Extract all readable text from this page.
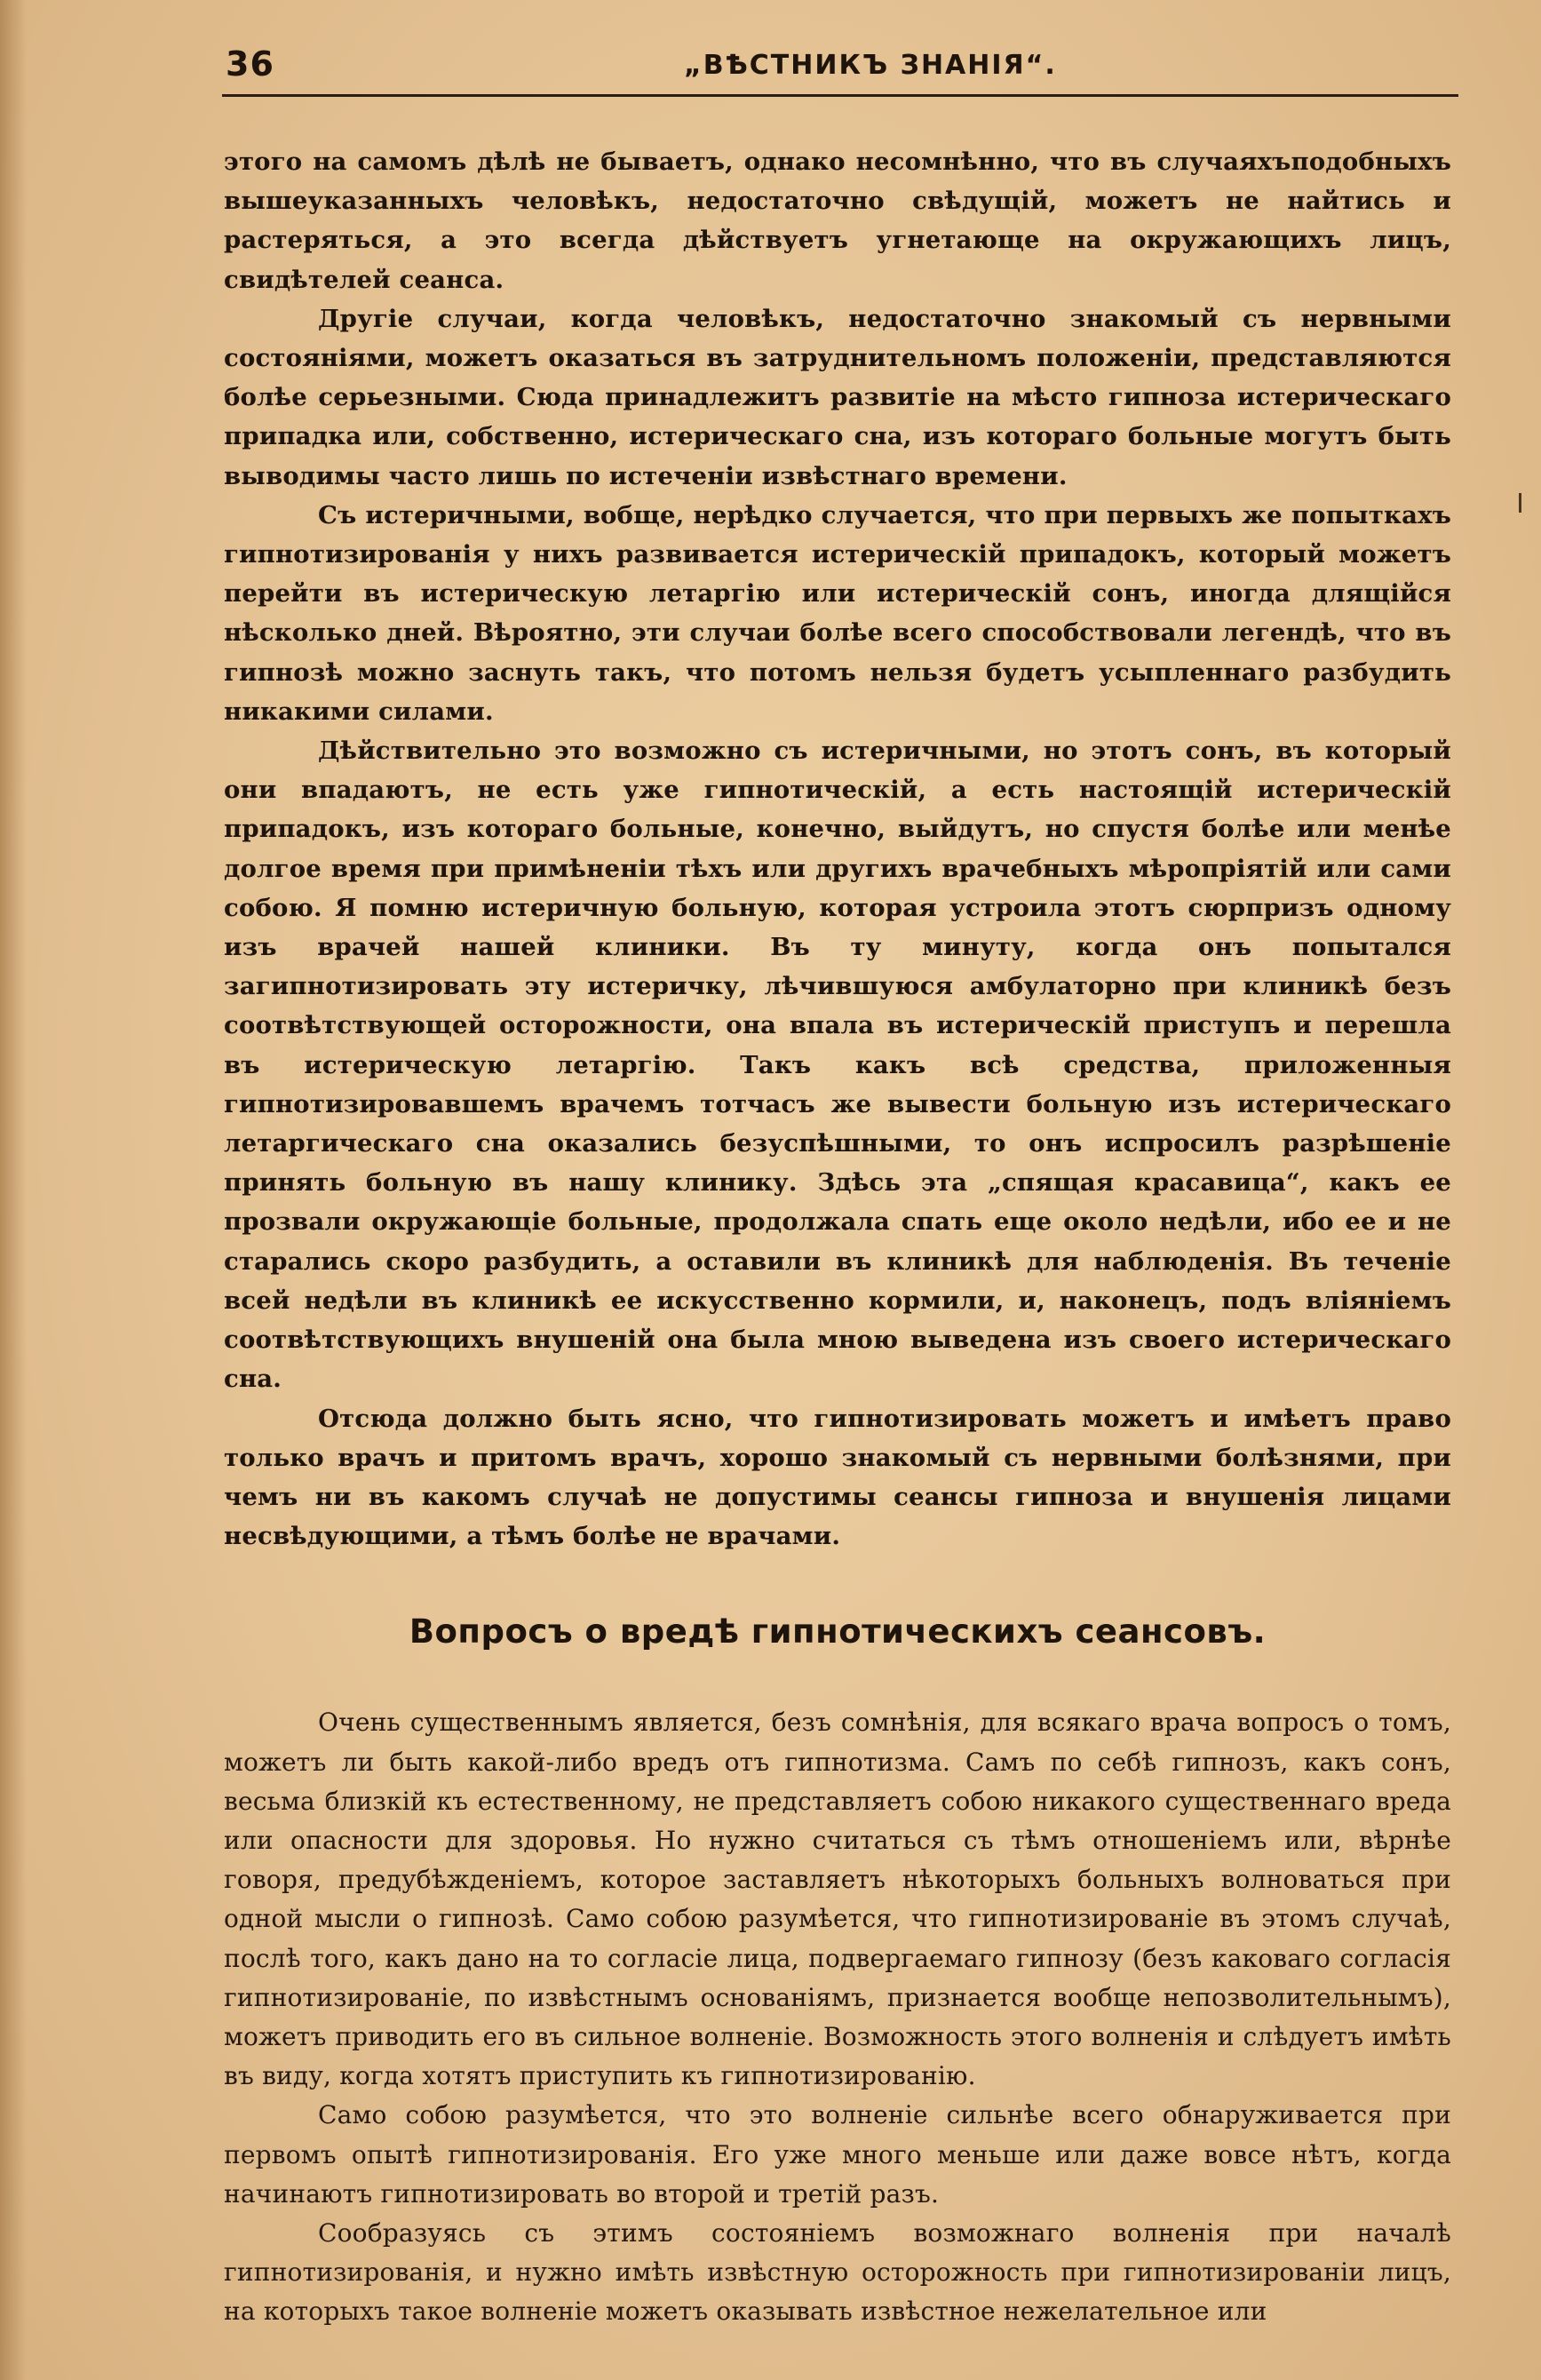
36	„ВѢСТНИКЪ ЗНАНІЯ“.

этого на самомъ дѣлѣ не бываетъ, однако несомнѣнно, что въ случаяхъподобныхъ вышеуказанныхъ человѣкъ, недостаточно свѣдущій, можетъ не найтись и растеряться, а это всегда дѣйствуетъ угнетающе на окружающихъ лицъ, свидѣтелей сеанса.

Другіе случаи, когда человѣкъ, недостаточно знакомый съ нервными состояніями, можетъ оказаться въ затруднительномъ положеніи, представляются болѣе серьезными. Сюда принадлежитъ развитіе на мѣсто гипноза истерическаго припадка или, собственно, истерическаго сна, изъ котораго больные могутъ быть выводимы часто лишь по истеченіи извѣстнаго времени.

Съ истеричными, вобще, нерѣдко случается, что при первыхъ же попыткахъ гипнотизированія у нихъ развивается истерическій припадокъ, который можетъ перейти въ истерическую летаргію или истерическій сонъ, иногда длящійся нѣсколько дней. Вѣроятно, эти случаи болѣе всего способствовали легендѣ, что въ гипнозѣ можно заснуть такъ, что потомъ нельзя будетъ усыпленнаго разбудить никакими силами.

Дѣйствительно это возможно съ истеричными, но этотъ сонъ, въ который они впадаютъ, не есть уже гипнотическій, а есть настоящій истерическій припадокъ, изъ котораго больные, конечно, выйдутъ, но спустя болѣе или менѣе долгое время при примѣненіи тѣхъ или другихъ врачебныхъ мѣропріятій или сами собою. Я помню истеричную больную, которая устроила этотъ сюрпризъ одному изъ врачей нашей клиники. Въ ту минуту, когда онъ попытался загипнотизировать эту истеричку, лѣчившуюся амбулаторно при клиникѣ безъ соотвѣтствующей осторожности, она впала въ истерическій приступъ и перешла въ истерическую летаргію. Такъ какъ всѣ средства, приложенныя гипнотизировавшемъ врачемъ тотчасъ же вывести больную изъ истерическаго летаргическаго сна оказались безуспѣшными, то онъ испросилъ разрѣшеніе принять больную въ нашу клинику. Здѣсь эта „спящая красавица“, какъ ее прозвали окружающіе больные, продолжала спать еще около недѣли, ибо ее и не старались скоро разбудить, а оставили въ клиникѣ для наблюденія. Въ теченіе всей недѣли въ клиникѣ ее искусственно кормили, и, наконецъ, подъ вліяніемъ соотвѣтствующихъ внушеній она была мною выведена изъ своего истерическаго сна.

Отсюда должно быть ясно, что гипнотизировать можетъ и имѣетъ право только врачъ и притомъ врачъ, хорошо знакомый съ нервными болѣзнями, при чемъ ни въ какомъ случаѣ не допустимы сеансы гипноза и внушенія лицами несвѣдующими, а тѣмъ болѣе не врачами.

Вопросъ о вредѣ гипнотическихъ сеансовъ.

Очень существеннымъ является, безъ сомнѣнія, для всякаго врача вопросъ о томъ, можетъ ли быть какой-либо вредъ отъ гипнотизма. Самъ по себѣ гипнозъ, какъ сонъ, весьма близкій къ естественному, не представляетъ собою никакого существеннаго вреда или опасности для здоровья. Но нужно считаться съ тѣмъ отношеніемъ или, вѣрнѣе говоря, предубѣжденіемъ, которое заставляетъ нѣкоторыхъ больныхъ волноваться при одной мысли о гипнозѣ. Само собою разумѣется, что гипнотизированіе въ этомъ случаѣ, послѣ того, какъ дано на то согласіе лица, подвергаемаго гипнозу (безъ каковаго согласія гипнотизированіе, по извѣстнымъ основаніямъ, признается вообще непозволительнымъ), можетъ приводить его въ сильное волненіе. Возможность этого волненія и слѣдуетъ имѣть въ виду, когда хотятъ приступить къ гипнотизированію.

Само собою разумѣется, что это волненіе сильнѣе всего обнаруживается при первомъ опытѣ гипнотизированія. Его уже много меньше или даже вовсе нѣтъ, когда начинаютъ гипнотизировать во второй и третій разъ.

Сообразуясь съ этимъ состояніемъ возможнаго волненія при началѣ гипнотизированія, и нужно имѣть извѣстную осторожность при гипнотизированіи лицъ, на которыхъ такое волненіе можетъ оказывать извѣстное нежелательное или
